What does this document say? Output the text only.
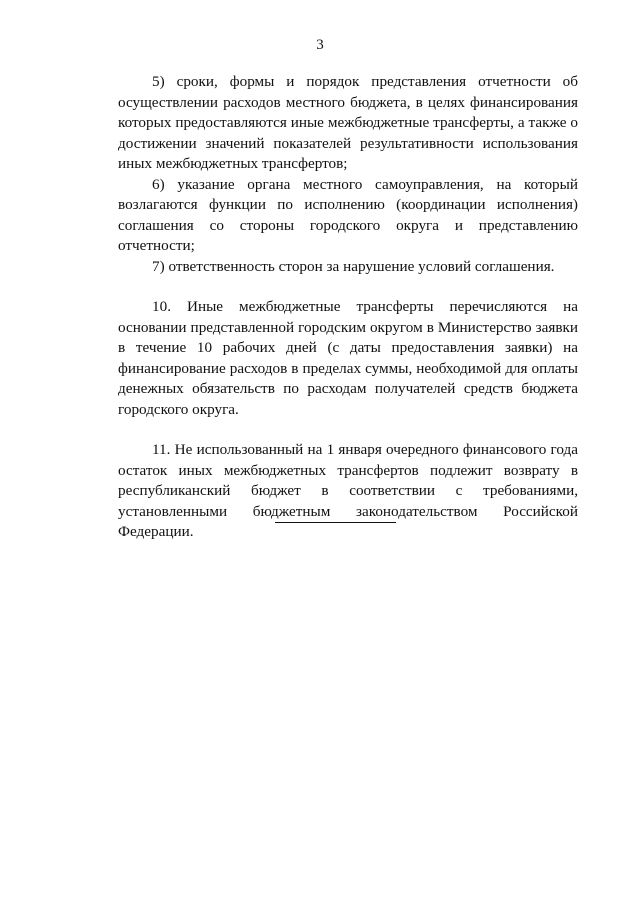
3

5) сроки, формы и порядок представления отчетности об осуществлении расходов местного бюджета, в целях финансирования которых предоставляются иные межбюджетные трансферты, а также о достижении значений показателей результативности использования иных межбюджетных трансфертов;

6) указание органа местного самоуправления, на который возлагаются функции по исполнению (координации исполнения) соглашения со стороны городского округа и представлению отчетности;

7) ответственность сторон за нарушение условий соглашения.

10. Иные межбюджетные трансферты перечисляются на основании представленной городским округом в Министерство заявки в течение 10 рабочих дней (с даты предоставления заявки) на финансирование расходов в пределах суммы, необходимой для оплаты денежных обязательств по расходам получателей средств бюджета городского округа.

11. Не использованный на 1 января очередного финансового года остаток иных межбюджетных трансфертов подлежит возврату в республиканский бюджет в соответствии с требованиями, установленными бюджетным законодательством Российской Федерации.
